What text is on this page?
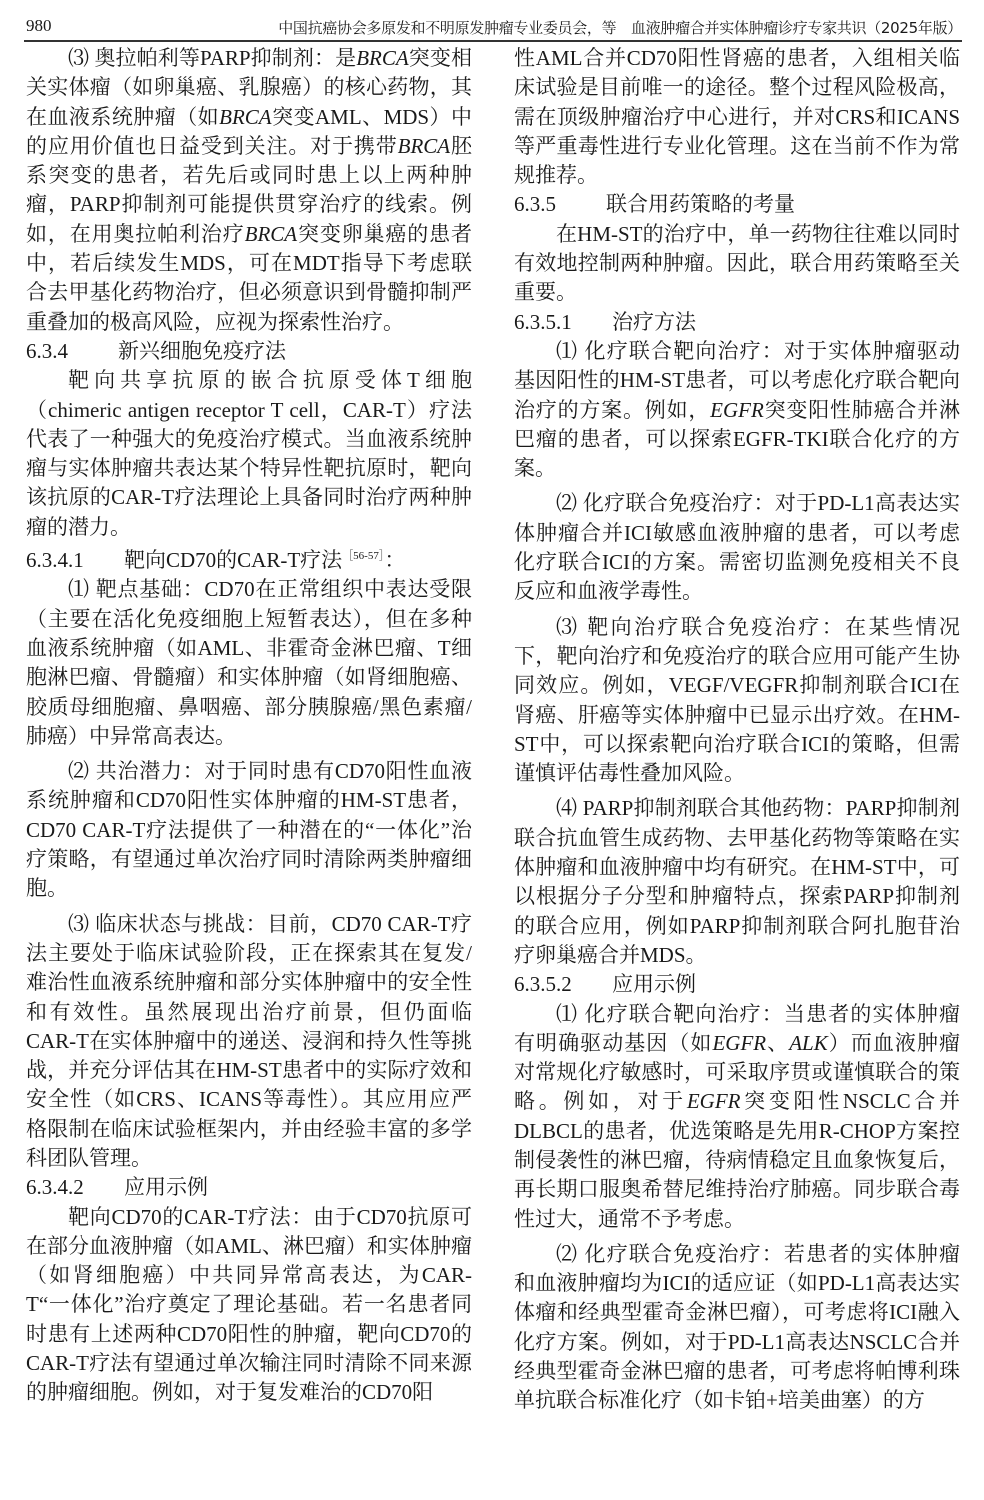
980	中国抗癌协会多原发和不明原发肿瘤专业委员会，等　血液肿瘤合并实体肿瘤诊疗专家共识（2025年版）

⑶ 奥拉帕利等PARP抑制剂：是BRCA突变相关实体瘤（如卵巢癌、乳腺癌）的核心药物，其在血液系统肿瘤（如BRCA突变AML、MDS）中的应用价值也日益受到关注。对于携带BRCA胚系突变的患者，若先后或同时患上以上两种肿瘤，PARP抑制剂可能提供贯穿治疗的线索。例如，在用奥拉帕利治疗BRCA突变卵巢癌的患者中，若后续发生MDS，可在MDT指导下考虑联合去甲基化药物治疗，但必须意识到骨髓抑制严重叠加的极高风险，应视为探索性治疗。

6.3.4 新兴细胞免疫疗法

靶向共享抗原的嵌合抗原受体T细胞（chimeric antigen receptor T cell，CAR-T）疗法代表了一种强大的免疫治疗模式。当血液系统肿瘤与实体肿瘤共表达某个特异性靶抗原时，靶向该抗原的CAR-T疗法理论上具备同时治疗两种肿瘤的潜力。

6.3.4.1 靶向CD70的CAR-T疗法$^{[56-57]}$：

⑴ 靶点基础：CD70在正常组织中表达受限（主要在活化免疫细胞上短暂表达），但在多种血液系统肿瘤（如AML、非霍奇金淋巴瘤、T细胞淋巴瘤、骨髓瘤）和实体肿瘤（如肾细胞癌、胶质母细胞瘤、鼻咽癌、部分胰腺癌/黑色素瘤/肺癌）中异常高表达。

⑵ 共治潜力：对于同时患有CD70阳性血液系统肿瘤和CD70阳性实体肿瘤的HM-ST患者，CD70 CAR-T疗法提供了一种潜在的“一体化”治疗策略，有望通过单次治疗同时清除两类肿瘤细胞。

⑶ 临床状态与挑战：目前，CD70 CAR-T疗法主要处于临床试验阶段，正在探索其在复发/难治性血液系统肿瘤和部分实体肿瘤中的安全性和有效性。虽然展现出治疗前景，但仍面临CAR-T在实体肿瘤中的递送、浸润和持久性等挑战，并充分评估其在HM-ST患者中的实际疗效和安全性（如CRS、ICANS等毒性）。其应用应严格限制在临床试验框架内，并由经验丰富的多学科团队管理。

6.3.4.2 应用示例

靶向CD70的CAR-T疗法：由于CD70抗原可在部分血液肿瘤（如AML、淋巴瘤）和实体肿瘤（如肾细胞癌）中共同异常高表达，为CAR-T“一体化”治疗奠定了理论基础。若一名患者同时患有上述两种CD70阳性的肿瘤，靶向CD70的CAR-T疗法有望通过单次输注同时清除不同来源的肿瘤细胞。例如，对于复发难治的CD70阳

性AML合并CD70阳性肾癌的患者，入组相关临床试验是目前唯一的途径。整个过程风险极高，需在顶级肿瘤治疗中心进行，并对CRS和ICANS等严重毒性进行专业化管理。这在当前不作为常规推荐。

6.3.5 联合用药策略的考量

在HM-ST的治疗中，单一药物往往难以同时有效地控制两种肿瘤。因此，联合用药策略至关重要。

6.3.5.1 治疗方法

⑴ 化疗联合靶向治疗：对于实体肿瘤驱动基因阳性的HM-ST患者，可以考虑化疗联合靶向治疗的方案。例如，EGFR突变阳性肺癌合并淋巴瘤的患者，可以探索EGFR-TKI联合化疗的方案。

⑵ 化疗联合免疫治疗：对于PD-L1高表达实体肿瘤合并ICI敏感血液肿瘤的患者，可以考虑化疗联合ICI的方案。需密切监测免疫相关不良反应和血液学毒性。

⑶ 靶向治疗联合免疫治疗：在某些情况下，靶向治疗和免疫治疗的联合应用可能产生协同效应。例如，VEGF/VEGFR抑制剂联合ICI在肾癌、肝癌等实体肿瘤中已显示出疗效。在HM-ST中，可以探索靶向治疗联合ICI的策略，但需谨慎评估毒性叠加风险。

⑷ PARP抑制剂联合其他药物：PARP抑制剂联合抗血管生成药物、去甲基化药物等策略在实体肿瘤和血液肿瘤中均有研究。在HM-ST中，可以根据分子分型和肿瘤特点，探索PARP抑制剂的联合应用，例如PARP抑制剂联合阿扎胞苷治疗卵巢癌合并MDS。

6.3.5.2 应用示例

⑴ 化疗联合靶向治疗：当患者的实体肿瘤有明确驱动基因（如EGFR、ALK）而血液肿瘤对常规化疗敏感时，可采取序贯或谨慎联合的策略。例如，对于EGFR突变阳性NSCLC合并DLBCL的患者，优选策略是先用R-CHOP方案控制侵袭性的淋巴瘤，待病情稳定且血象恢复后，再长期口服奥希替尼维持治疗肺癌。同步联合毒性过大，通常不予考虑。

⑵ 化疗联合免疫治疗：若患者的实体肿瘤和血液肿瘤均为ICI的适应证（如PD-L1高表达实体瘤和经典型霍奇金淋巴瘤），可考虑将ICI融入化疗方案。例如，对于PD-L1高表达NSCLC合并经典型霍奇金淋巴瘤的患者，可考虑将帕博利珠单抗联合标准化疗（如卡铂+培美曲塞）的方
